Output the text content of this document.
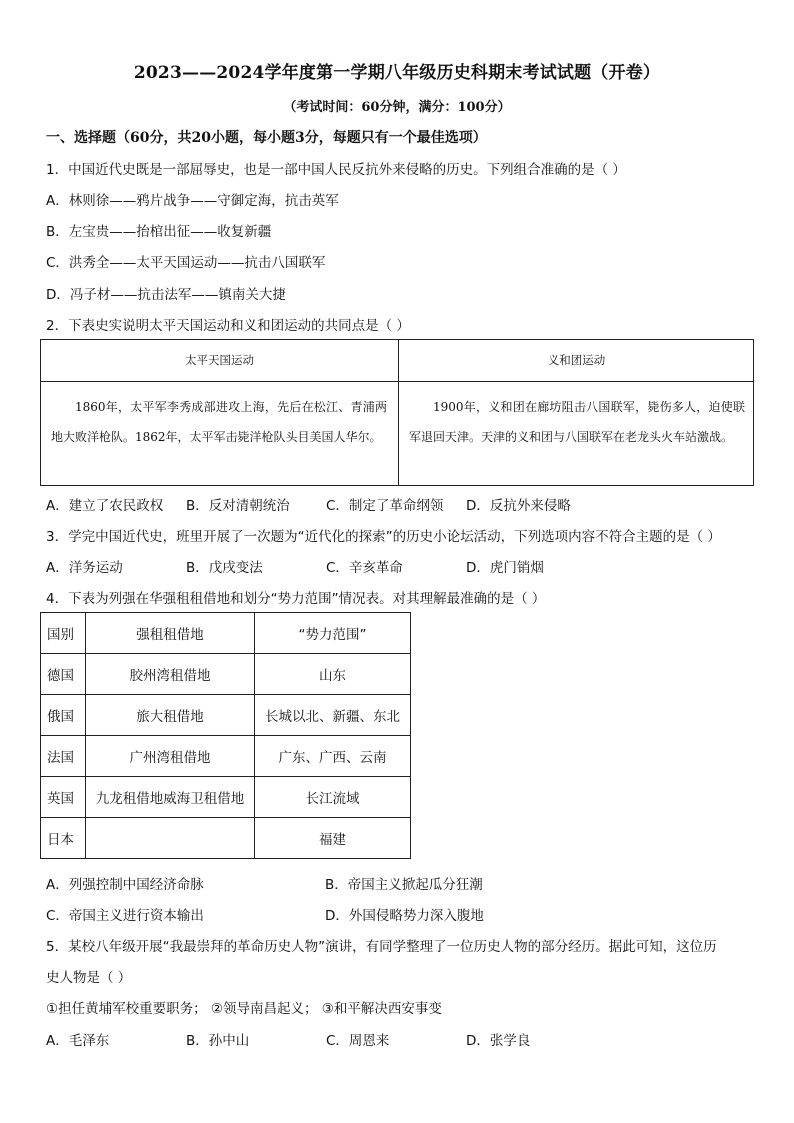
2023——2024学年度第一学期八年级历史科期末考试试题（开卷）
（考试时间：60分钟，满分：100分）
一、选择题（60分，共20小题，每小题3分，每题只有一个最佳选项）
1．中国近代史既是一部屈辱史，也是一部中国人民反抗外来侵略的历史。下列组合准确的是（ ）
A．林则徐——鸦片战争——守御定海，抗击英军
B．左宝贵——抬棺出征——收复新疆
C．洪秀全——太平天国运动——抗击八国联军
D．冯子材——抗击法军——镇南关大捷
2．下表史实说明太平天国运动和义和团运动的共同点是（ ）
太平天国运动	义和团运动
1860年，太平军李秀成部进攻上海，先后在松江、青浦两地大败洋枪队。1862年，太平军击毙洋枪队头目美国人华尔。
1900年，义和团在廊坊阻击八国联军，毙伤多人，迫使联军退回天津。天津的义和团与八国联军在老龙头火车站激战。
A．建立了农民政权 B．反对清朝统治	C．制定了革命纲领 D．反抗外来侵略
3．学完中国近代史，班里开展了一次题为“近代化的探索”的历史小论坛活动，下列选项内容不符合主题的是（ ）
A．洋务运动	B．戊戌变法	C．辛亥革命	D．虎门销烟
4．下表为列强在华强租租借地和划分“势力范围”情况表。对其理解最准确的是（ ）
国别	强租租借地	“势力范围”
德国	胶州湾租借地	山东
俄国	旅大租借地	长城以北、新疆、东北
法国	广州湾租借地	广东、广西、云南
英国	九龙租借地威海卫租借地	长江流域
日本		福建
A．列强控制中国经济命脉	B．帝国主义掀起瓜分狂潮
C．帝国主义进行资本输出	D．外国侵略势力深入腹地
5．某校八年级开展“我最崇拜的革命历史人物”演讲，有同学整理了一位历史人物的部分经历。据此可知，这位历
史人物是（ ）
①担任黄埔军校重要职务； ②领导南昌起义； ③和平解决西安事变
A．毛泽东	B．孙中山	C．周恩来	D．张学良
